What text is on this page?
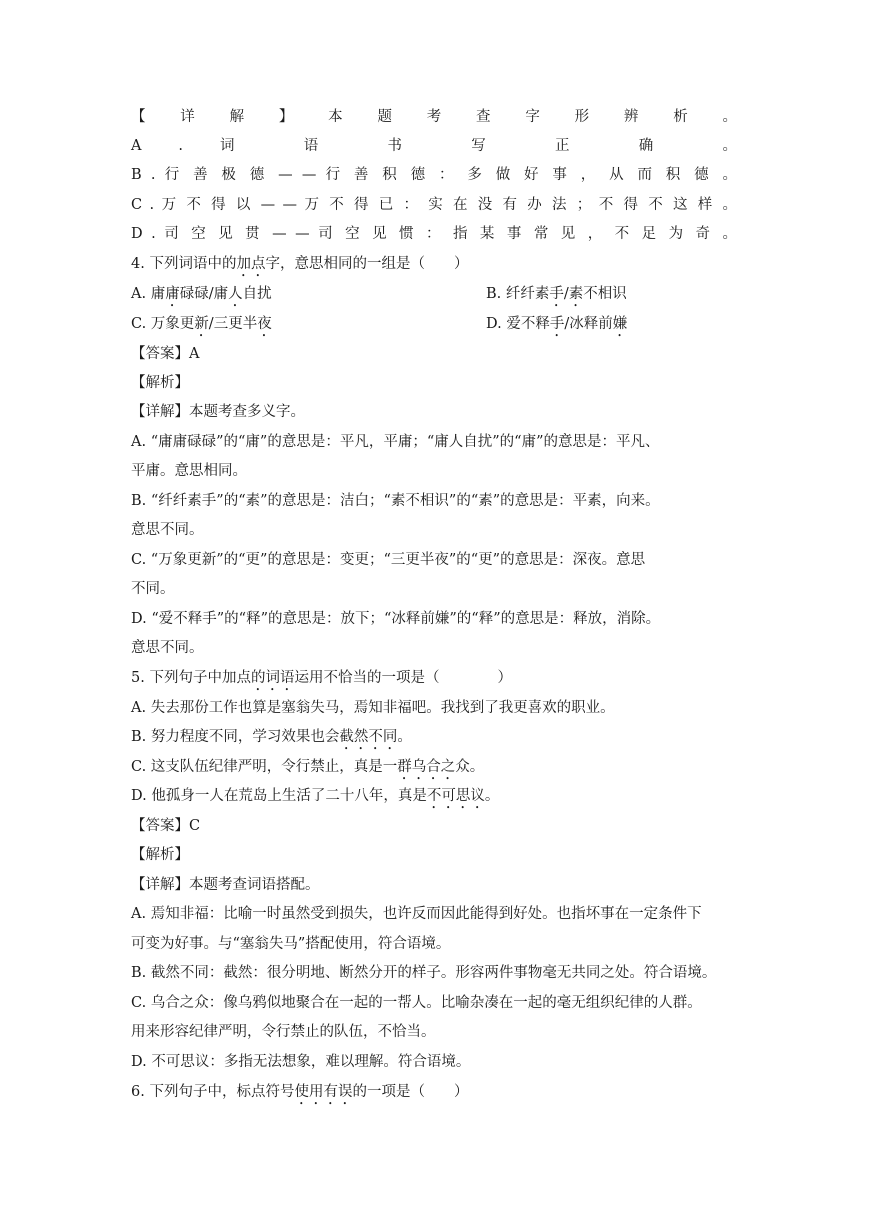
【 详 解 】 本 题 考 查 字 形 辨 析 。
A . 词 语 书 写 正 确 。
B . 行 善 极 德 — — 行 善 积 德 ： 多 做 好 事 ， 从 而 积 德 。
C . 万 不 得 以 — — 万 不 得 已 ： 实 在 没 有 办 法 ； 不 得 不 这 样 。
D . 司 空 见 贯 — — 司 空 见 惯 ： 指 某 事 常 见 ， 不 足 为 奇 。
4. 下列词语中的加点字，意思相同的一组是（　　 ）
A. 庸庸碌碌/庸人自扰	B. 纤纤素手/素不相识
C. 万象更新/三更半夜	D. 爱不释手/冰释前嫌
【答案】A
【解析】
【详解】本题考查多义字。
A. “庸庸碌碌”的“庸”的意思是：平凡，平庸；“庸人自扰”的“庸”的意思是：平凡、
平庸。意思相同。
B. “纤纤素手”的“素”的意思是：洁白；“素不相识”的“素”的意思是：平素，向来。
意思不同。
C. “万象更新”的“更”的意思是：变更；“三更半夜”的“更”的意思是：深夜。意思
不同。
D. “爱不释手”的“释”的意思是：放下；“冰释前嫌”的“释”的意思是：释放，消除。
意思不同。
5. 下列句子中加点的词语运用不恰当的一项是（　　　　	）
A. 失去那份工作也算是塞翁失马，焉知非福吧。我找到了我更喜欢的职业。
B. 努力程度不同，学习效果也会截然不同。
C. 这支队伍纪律严明，令行禁止，真是一群乌合之众。
D. 他孤身一人在荒岛上生活了二十八年，真是不可思议。
【答案】C
【解析】
【详解】本题考查词语搭配。
A. 焉知非福：比喻一时虽然受到损失，也许反而因此能得到好处。也指坏事在一定条件下
可变为好事。与“塞翁失马”搭配使用，符合语境。
B. 截然不同：截然：很分明地、断然分开的样子。形容两件事物毫无共同之处。符合语境。
C. 乌合之众：像乌鸦似地聚合在一起的一帮人。比喻杂凑在一起的毫无组织纪律的人群。
用来形容纪律严明，令行禁止的队伍，不恰当。
D. 不可思议：多指无法想象，难以理解。符合语境。
6. 下列句子中，标点符号使用有误的一项是（　　 ）
